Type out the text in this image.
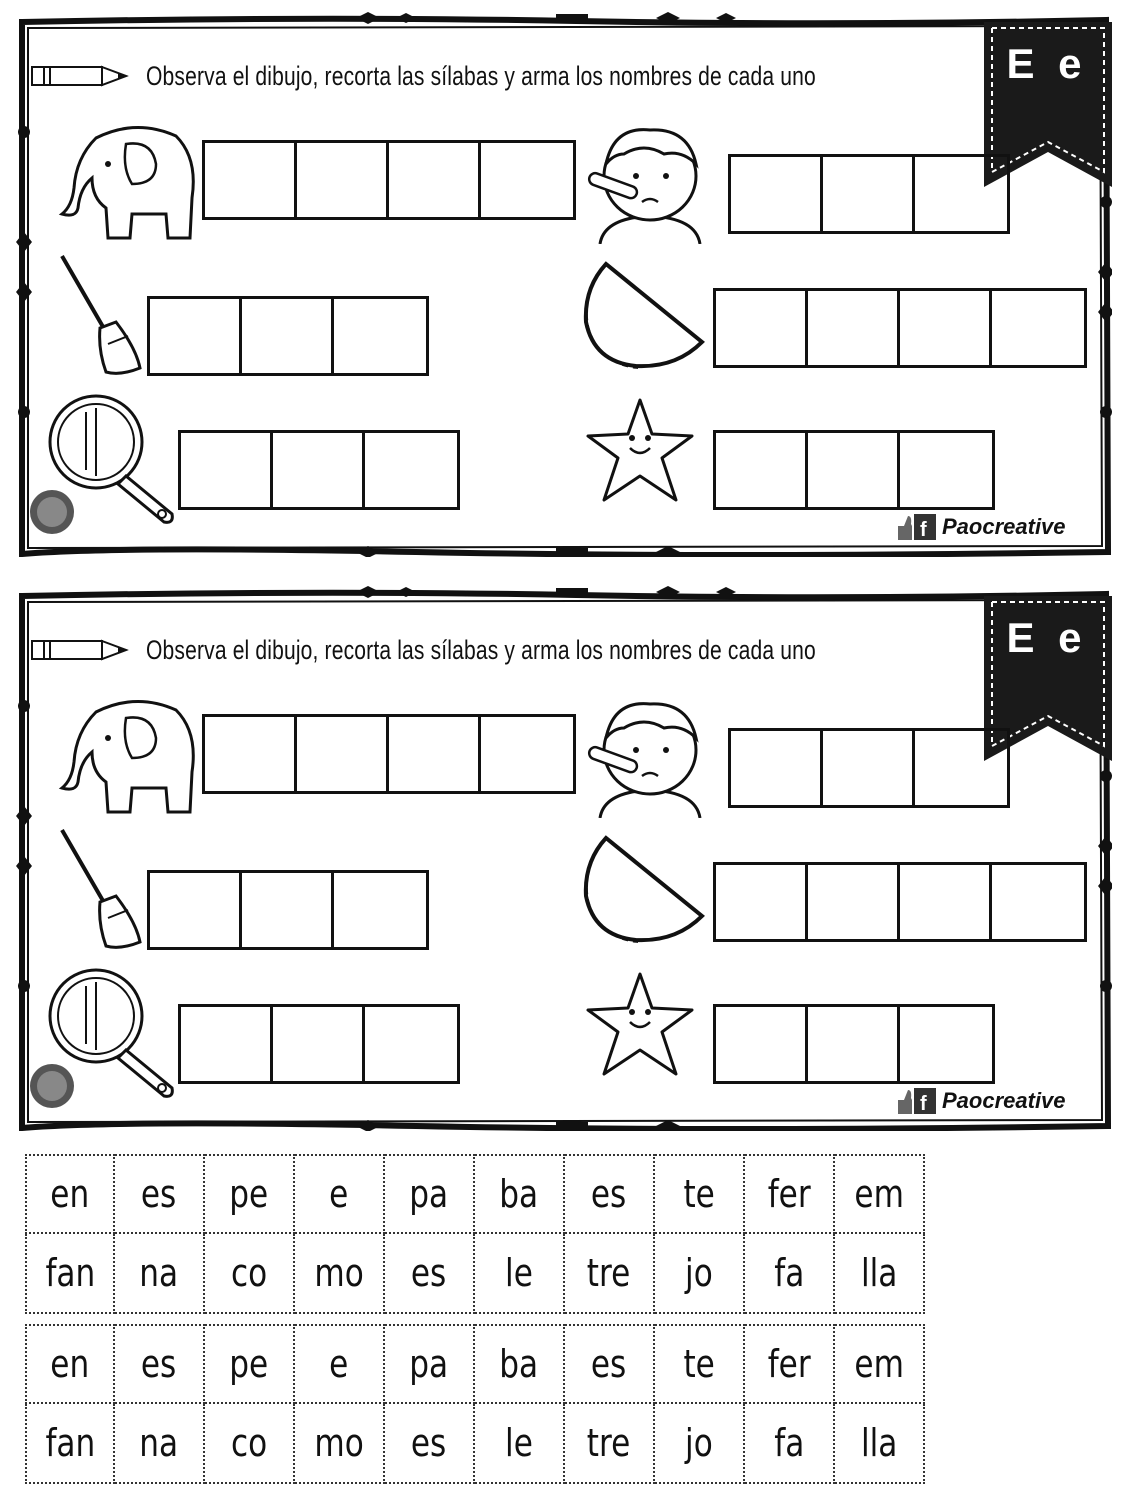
Observa el dibujo, recorta las sílabas y arma los nombres de cada uno	E e
f Paocreative
Observa el dibujo, recorta las sílabas y arma los nombres de cada uno	E e
f Paocreative
en es pe e pa ba es te fer em
fan na co mo es le tre jo fa lla
en es pe e pa ba es te fer em
fan na co mo es le tre jo fa lla
